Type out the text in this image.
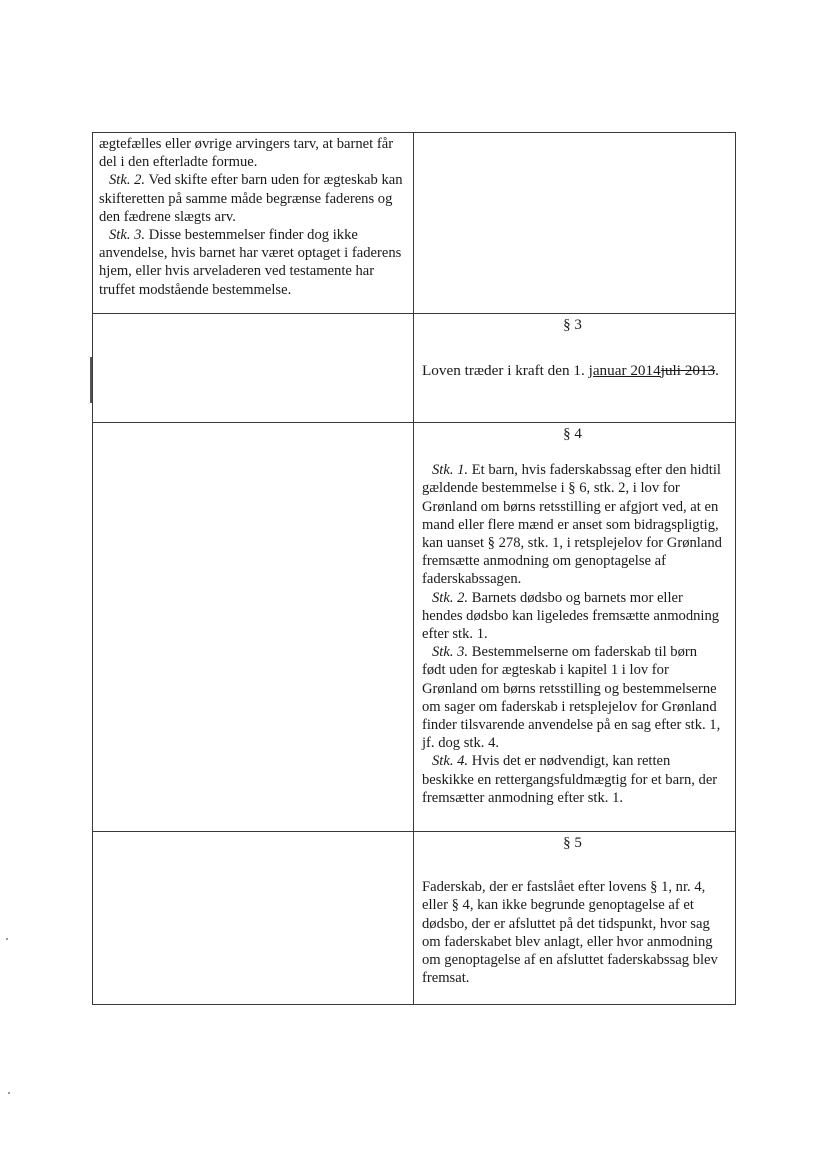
ægtefælles eller øvrige arvingers tarv, at barnet får del i den efterladte formue.

Stk. 2. Ved skifte efter barn uden for ægteskab kan skifteretten på samme måde begrænse faderens og den fædrene slægts arv.

Stk. 3. Disse bestemmelser finder dog ikke anvendelse, hvis barnet har været optaget i faderens hjem, eller hvis arveladeren ved testamente har truffet modstående bestemmelse.	

	§ 3

Loven træder i kraft den 1. januar 2014juli 2013.

	§ 4

Stk. 1. Et barn, hvis faderskabssag efter den hidtil gældende bestemmelse i § 6, stk. 2, i lov for Grønland om børns retsstilling er afgjort ved, at en mand eller flere mænd er anset som bidragspligtig, kan uanset § 278, stk. 1, i retsplejelov for Grønland fremsætte anmodning om genoptagelse af faderskabssagen.

Stk. 2. Barnets dødsbo og barnets mor eller hendes dødsbo kan ligeledes fremsætte anmodning efter stk. 1.

Stk. 3. Bestemmelserne om faderskab til børn født uden for ægteskab i kapitel 1 i lov for Grønland om børns retsstilling og bestemmelserne om sager om faderskab i retsplejelov for Grønland finder tilsvarende anvendelse på en sag efter stk. 1, jf. dog stk. 4.

Stk. 4. Hvis det er nødvendigt, kan retten beskikke en rettergangsfuldmægtig for et barn, der fremsætter anmodning efter stk. 1.

	§ 5

Faderskab, der er fastslået efter lovens § 1, nr. 4, eller § 4, kan ikke begrunde genoptagelse af et dødsbo, der er afsluttet på det tidspunkt, hvor sag om faderskabet blev anlagt, eller hvor anmodning om genoptagelse af en afsluttet faderskabssag blev fremsat.
